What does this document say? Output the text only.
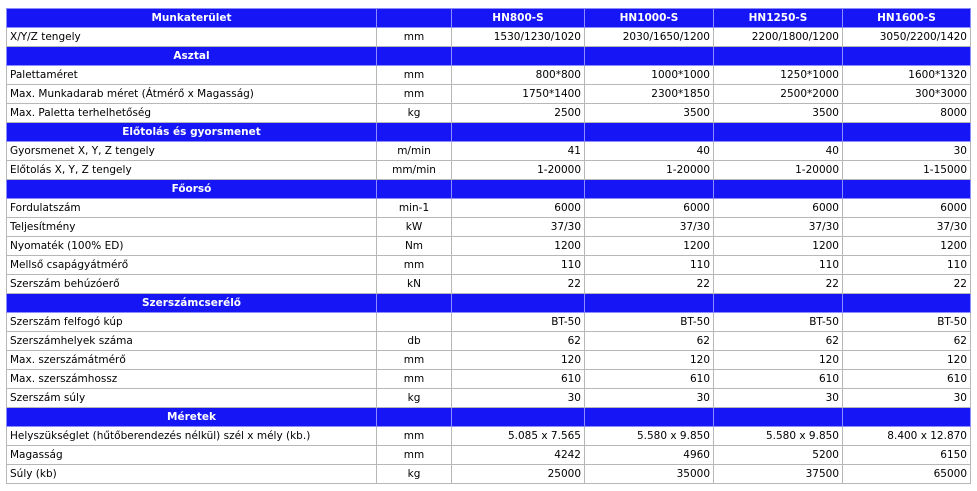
Munkaterület		HN800-S	HN1000-S	HN1250-S	HN1600-S
X/Y/Z tengely	mm	1530/1230/1020	2030/1650/1200	2200/1800/1200	3050/2200/1420
Asztal					
Palettaméret	mm	800*800	1000*1000	1250*1000	1600*1320
Max. Munkadarab méret (Átmérő x Magasság)	mm	1750*1400	2300*1850	2500*2000	300*3000
Max. Paletta terhelhetőség	kg	2500	3500	3500	8000
Előtolás és gyorsmenet					
Gyorsmenet X, Y, Z tengely	m/min	41	40	40	30
Előtolás X, Y, Z tengely	mm/min	1-20000	1-20000	1-20000	1-15000
Főorsó					
Fordulatszám	min-1	6000	6000	6000	6000
Teljesítmény	kW	37/30	37/30	37/30	37/30
Nyomaték (100% ED)	Nm	1200	1200	1200	1200
Mellső csapágyátmérő	mm	110	110	110	110
Szerszám behúzóerő	kN	22	22	22	22
Szerszámcserélő					
Szerszám felfogó kúp		BT-50	BT-50	BT-50	BT-50
Szerszámhelyek száma	db	62	62	62	62
Max. szerszámátmérő	mm	120	120	120	120
Max. szerszámhossz	mm	610	610	610	610
Szerszám súly	kg	30	30	30	30
Méretek					
Helyszükséglet (hűtőberendezés nélkül) szél x mély (kb.)	mm	5.085 x 7.565	5.580 x 9.850	5.580 x 9.850	8.400 x 12.870
Magasság	mm	4242	4960	5200	6150
Súly (kb)	kg	25000	35000	37500	65000
